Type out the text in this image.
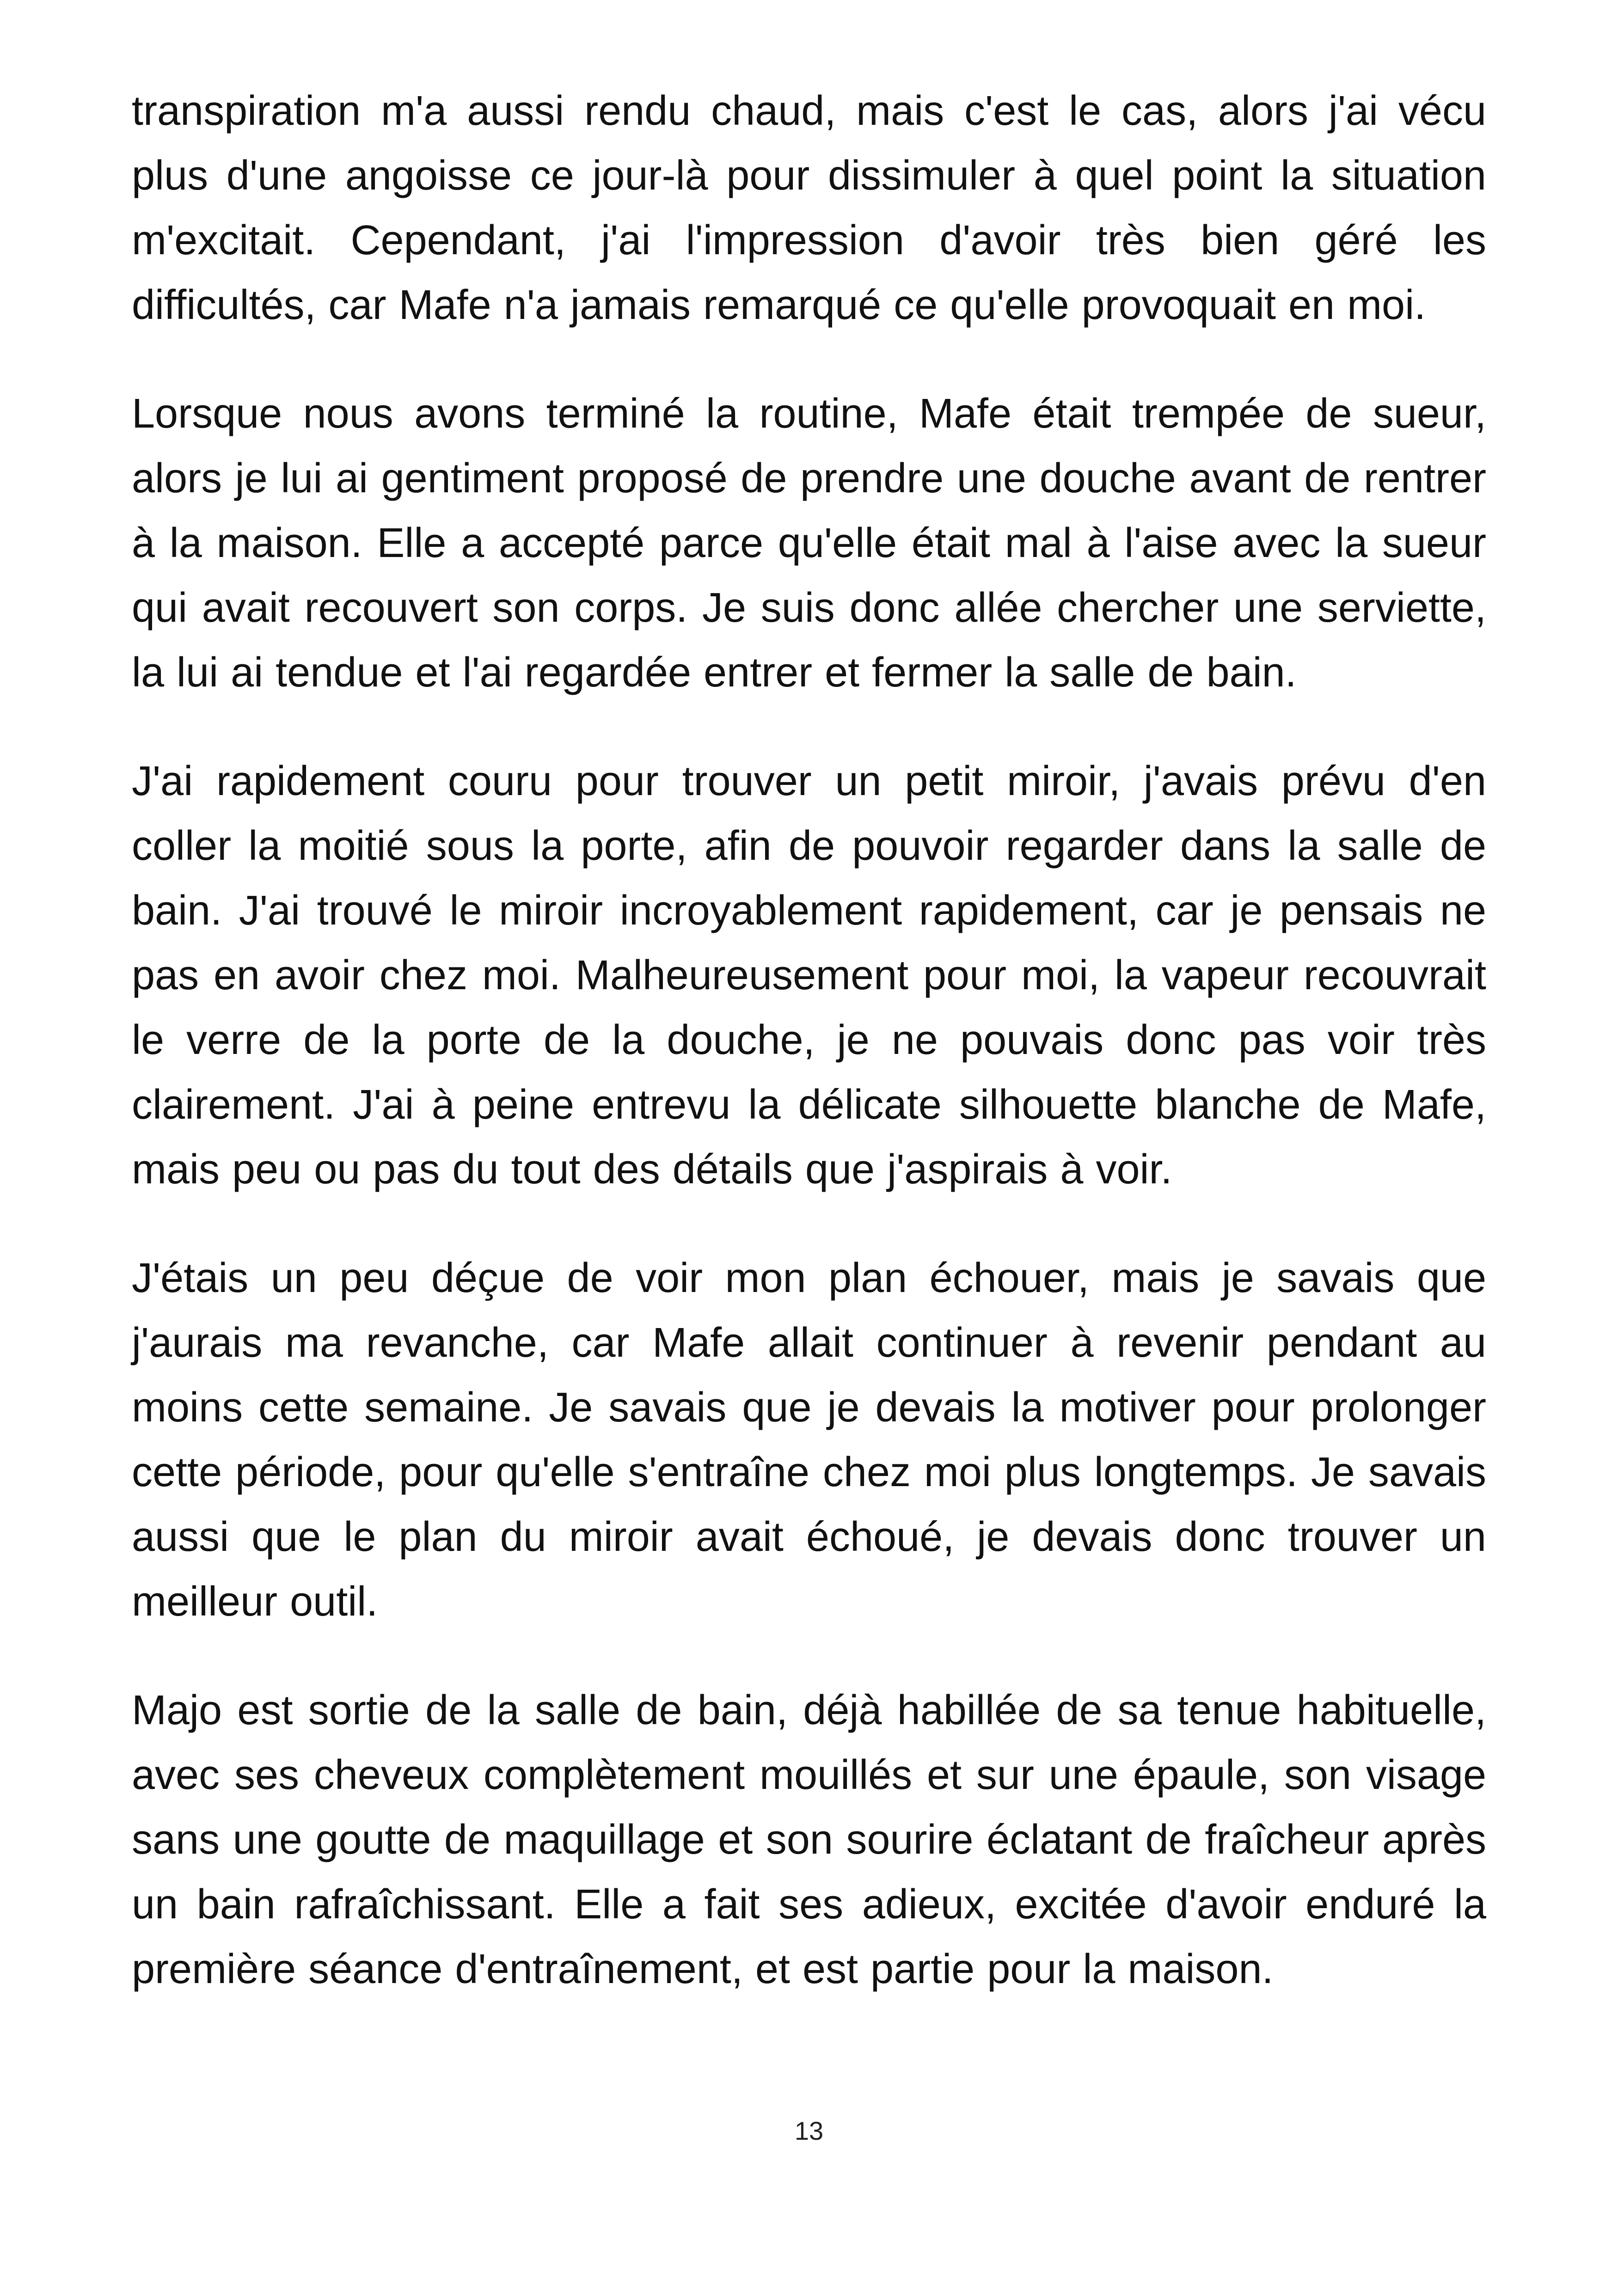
transpiration m'a aussi rendu chaud, mais c'est le cas, alors j'ai vécu plus d'une angoisse ce jour-là pour dissimuler à quel point la situation m'excitait. Cependant, j'ai l'impression d'avoir très bien géré les difficultés, car Mafe n'a jamais remarqué ce qu'elle provoquait en moi.

Lorsque nous avons terminé la routine, Mafe était trempée de sueur, alors je lui ai gentiment proposé de prendre une douche avant de rentrer à la maison. Elle a accepté parce qu'elle était mal à l'aise avec la sueur qui avait recouvert son corps. Je suis donc allée chercher une serviette, la lui ai tendue et l'ai regardée entrer et fermer la salle de bain.

J'ai rapidement couru pour trouver un petit miroir, j'avais prévu d'en coller la moitié sous la porte, afin de pouvoir regarder dans la salle de bain. J'ai trouvé le miroir incroyablement rapidement, car je pensais ne pas en avoir chez moi. Malheureusement pour moi, la vapeur recouvrait le verre de la porte de la douche, je ne pouvais donc pas voir très clairement. J'ai à peine entrevu la délicate silhouette blanche de Mafe, mais peu ou pas du tout des détails que j'aspirais à voir.

J'étais un peu déçue de voir mon plan échouer, mais je savais que j'aurais ma revanche, car Mafe allait continuer à revenir pendant au moins cette semaine. Je savais que je devais la motiver pour prolonger cette période, pour qu'elle s'entraîne chez moi plus longtemps. Je savais aussi que le plan du miroir avait échoué, je devais donc trouver un meilleur outil.

Majo est sortie de la salle de bain, déjà habillée de sa tenue habituelle, avec ses cheveux complètement mouillés et sur une épaule, son visage sans une goutte de maquillage et son sourire éclatant de fraîcheur après un bain rafraîchissant. Elle a fait ses adieux, excitée d'avoir enduré la première séance d'entraînement, et est partie pour la maison.

13
